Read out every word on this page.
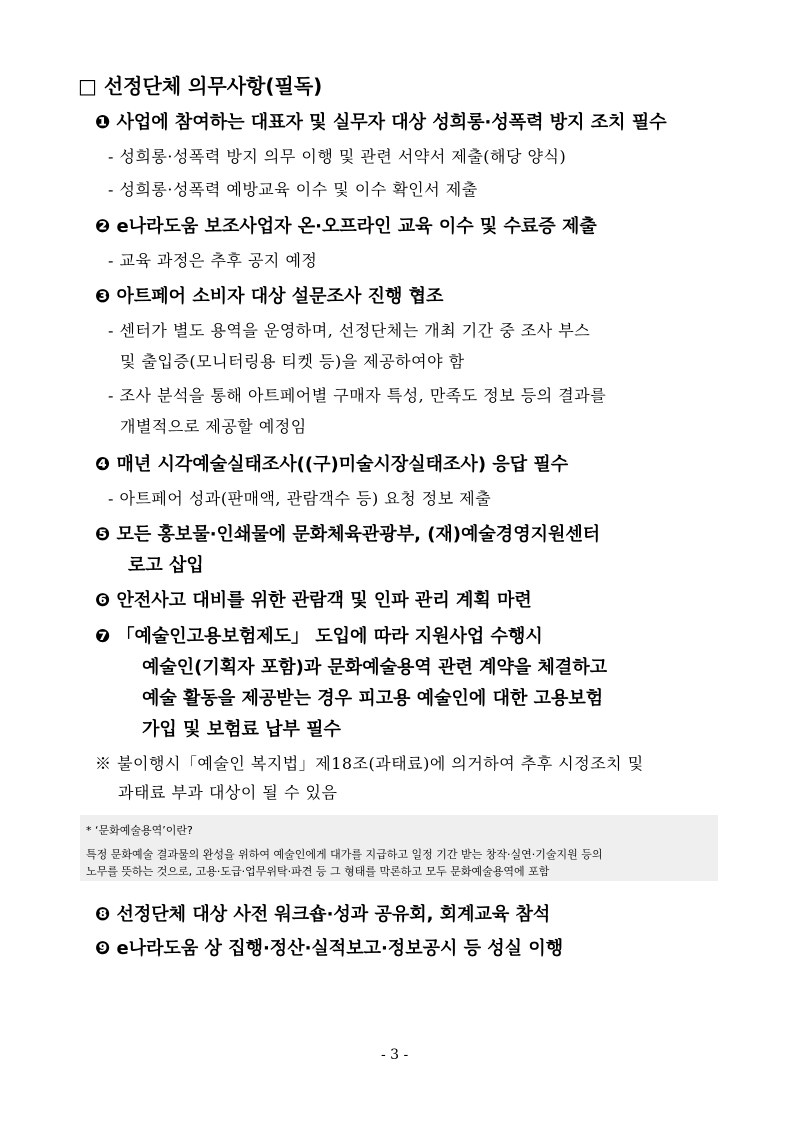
□ 선정단체 의무사항(필독)
❶ 사업에 참여하는 대표자 및 실무자 대상 성희롱·성폭력 방지 조치 필수
- 성희롱·성폭력 방지 의무 이행 및 관련 서약서 제출(해당 양식)
- 성희롱·성폭력 예방교육 이수 및 이수 확인서 제출
❷ e나라도움 보조사업자 온·오프라인 교육 이수 및 수료증 제출
- 교육 과정은 추후 공지 예정
❸ 아트페어 소비자 대상 설문조사 진행 협조
- 센터가 별도 용역을 운영하며, 선정단체는 개최 기간 중 조사 부스
및 출입증(모니터링용 티켓 등)을 제공하여야 함
- 조사 분석을 통해 아트페어별 구매자 특성, 만족도 정보 등의 결과를
개별적으로 제공할 예정임
❹ 매년 시각예술실태조사((구)미술시장실태조사) 응답 필수
- 아트페어 성과(판매액, 관람객수 등) 요청 정보 제출
❺ 모든 홍보물·인쇄물에 문화체육관광부, (재)예술경영지원센터
로고 삽입
❻ 안전사고 대비를 위한 관람객 및 인파 관리 계획 마련
❼ 「예술인고용보험제도」 도입에 따라 지원사업 수행시
예술인(기획자 포함)과 문화예술용역 관련 계약을 체결하고
예술 활동을 제공받는 경우 피고용 예술인에 대한 고용보험
가입 및 보험료 납부 필수
※ 불이행시「예술인 복지법」제18조(과태료)에 의거하여 추후 시정조치 및
과태료 부과 대상이 될 수 있음
* ‘문화예술용역’이란?
특정 문화예술 결과물의 완성을 위하여 예술인에게 대가를 지급하고 일정 기간 받는 창작·실연·기술지원 등의
노무를 뜻하는 것으로, 고용·도급·업무위탁·파견 등 그 형태를 막론하고 모두 문화예술용역에 포함
❽ 선정단체 대상 사전 워크숍·성과 공유회, 회계교육 참석
❾ e나라도움 상 집행·정산·실적보고·정보공시 등 성실 이행
- 3 -
